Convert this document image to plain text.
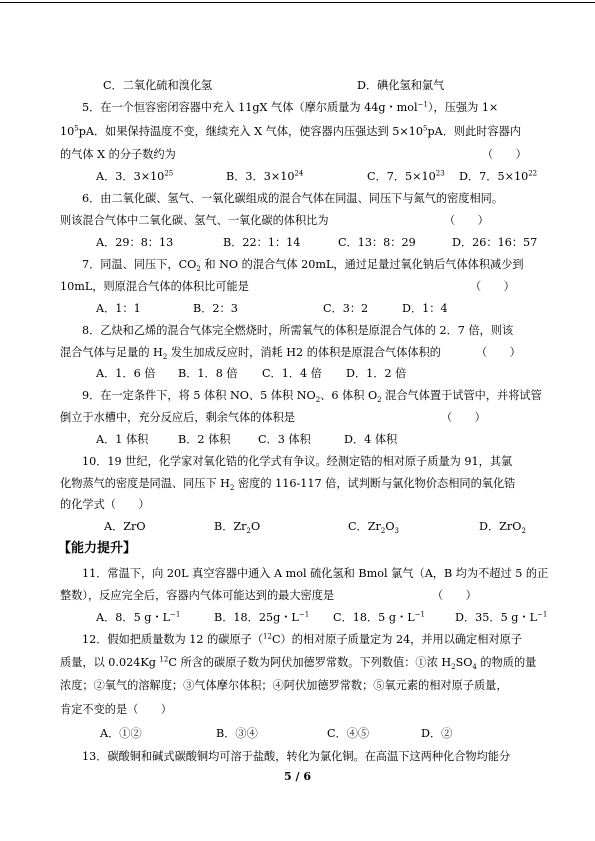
C．二氧化硫和溴化氢	D．碘化氢和氯气
5．在一个恒容密闭容器中充入 11gX 气体（摩尔质量为 44g・mol$^{-1}$），压强为 1×
$10^5pA$．如果保持温度不变，继续充入 X 气体，使容器内压强达到 $5\times 10^5pA$．则此时容器内
的气体 X 的分子数约为	（　　）
A．3．$3\times 10^{25}$	B．3．$3\times 10^{24}$	C．7．$5\times 10^{23}$ D．7．$5\times 10^{22}$
6．由二氧化碳、氢气、一氧化碳组成的混合气体在同温、同压下与氮气的密度相同。
则该混合气体中二氧化碳、氢气、一氧化碳的体积比为	（　　）
A．29：8：13	B．22：1：14	C．13：8：29	D．26：16：57
7．同温、同压下，$CO_2$ 和 NO 的混合气体 20mL，通过足量过氧化钠后气体体积减少到
10mL，则原混合气体的体积比可能是	（　　）
A．1：1	B．2：3	C．3：2	D．1：4
8．乙炔和乙烯的混合气体完全燃烧时，所需氧气的体积是原混合气体的 2．7 倍，则该
混合气体与足量的 $H_2$ 发生加成反应时，消耗 H2 的体积是原混合气体体积的	（　　）
A．1．6 倍 B．1．8 倍 C．1．4 倍 D．1．2 倍
9．在一定条件下，将 5 体积 NO、5 体积 $NO_2$、6 体积 $O_2$ 混合气体置于试管中，并将试管
倒立于水槽中，充分反应后，剩余气体的体积是	（　　）
A．1 体积	B．2 体积 C．3 体积	D．4 体积
10．19 世纪，化学家对氧化锆的化学式有争议。经测定锆的相对原子质量为 91，其氯
化物蒸气的密度是同温、同压下 $H_2$ 密度的 116-117 倍，试判断与氯化物价态相同的氧化锆
的化学式（　　）
A．ZrO	B．$Zr_2O$	C．$Zr_2O_3$	D．ZrO$_2$
【能力提升】
11．常温下，向 20L 真空容器中通入 A mol 硫化氢和 Bmol 氯气（A，B 均为不超过 5 的正
整数），反应完全后，容器内气体可能达到的最大密度是	（　　）
A．8．5 g・$L^{-1}$	B．18．25g・$L^{-1}$ C．18．5 g・$L^{-1}$	D．35．5 g・$L^{-1}$
12．假如把质量数为 12 的碳原子（$^{12}$C）的相对原子质量定为 24，并用以确定相对原子
质量，以 0.024Kg $^{12}$C 所含的碳原子数为阿伏加德罗常数。下列数值：①浓 $H_2SO_4$ 的物质的量
浓度；②氧气的溶解度；③气体摩尔体积；④阿伏加德罗常数；⑤氧元素的相对原子质量，
肯定不变的是（　　）
A．①②	B．③④	C．④⑤	D．②
13．碳酸铜和碱式碳酸铜均可溶于盐酸，转化为氯化铜。在高温下这两种化合物均能分
5 / 6
